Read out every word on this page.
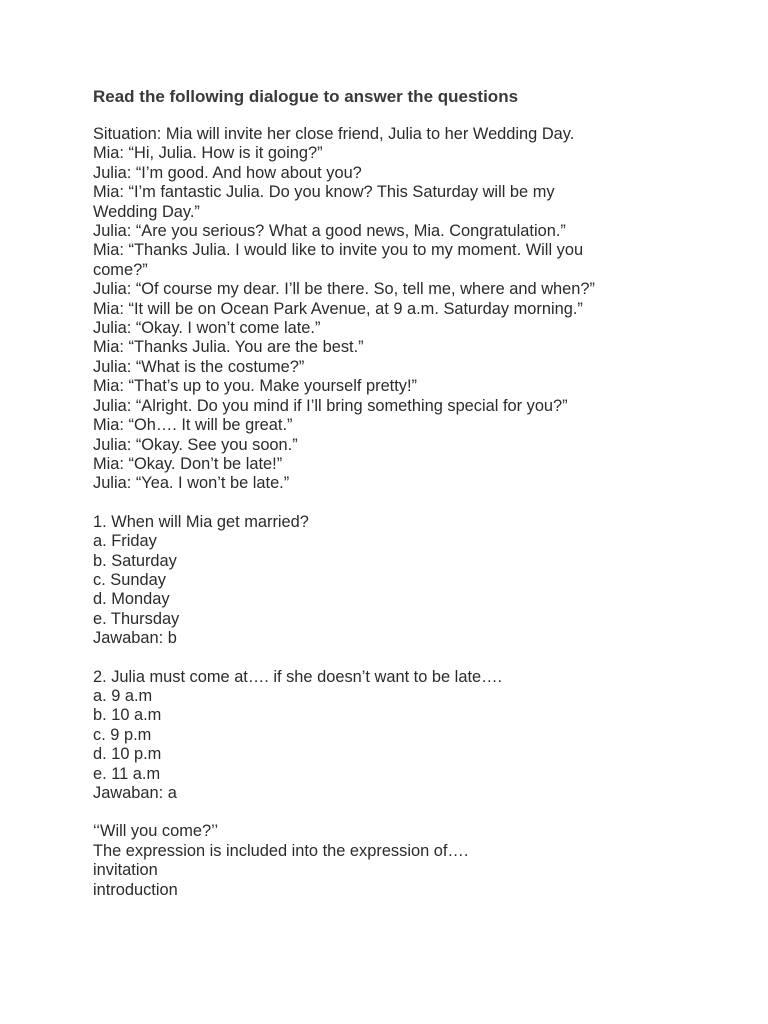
Read the following dialogue to answer the questions

Situation: Mia will invite her close friend, Julia to her Wedding Day.

Mia: “Hi, Julia. How is it going?”

Julia: “I’m good. And how about you?

Mia: “I’m fantastic Julia. Do you know? This Saturday will be my

Wedding Day.”

Julia: “Are you serious? What a good news, Mia. Congratulation.”

Mia: “Thanks Julia. I would like to invite you to my moment. Will you

come?”

Julia: “Of course my dear. I’ll be there. So, tell me, where and when?”

Mia: “It will be on Ocean Park Avenue, at 9 a.m. Saturday morning.”

Julia: “Okay. I won’t come late.”

Mia: “Thanks Julia. You are the best.”

Julia: “What is the costume?”

Mia: “That’s up to you. Make yourself pretty!”

Julia: “Alright. Do you mind if I’ll bring something special for you?”

Mia: “Oh…. It will be great.”

Julia: “Okay. See you soon.”

Mia: “Okay. Don’t be late!”

Julia: “Yea. I won’t be late.”

1. When will Mia get married?

a. Friday

b. Saturday

c. Sunday

d. Monday

e. Thursday

Jawaban: b

2. Julia must come at…. if she doesn’t want to be late….

a. 9 a.m

b. 10 a.m

c. 9 p.m

d. 10 p.m

e. 11 a.m

Jawaban: a

‘‘Will you come?’’

The expression is included into the expression of….

invitation

introduction
